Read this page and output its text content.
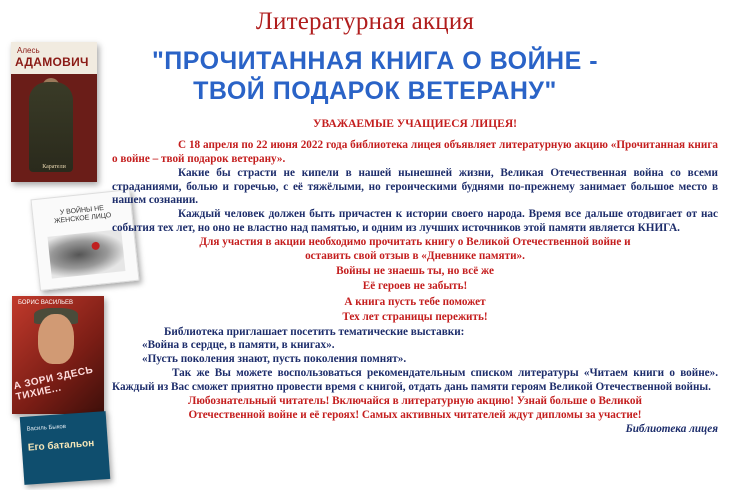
Литературная акция
"ПРОЧИТАННАЯ КНИГА О ВОЙНЕ -
ТВОЙ ПОДАРОК ВЕТЕРАНУ"
УВАЖАЕМЫЕ УЧАЩИЕСЯ ЛИЦЕЯ!
Алесь
АДАМОВИЧ
Каратели
У ВОЙНЫ НЕ ЖЕНСКОЕ ЛИЦО
БОРИС ВАСИЛЬЕВ
А ЗОРИ ЗДЕСЬ ТИХИЕ...
Василь Быков
Его батальон

С 18 апреля по 22 июня 2022 года библиотека лицея объявляет литературную акцию «Прочитанная книга о войне – твой подарок ветерану».

Какие бы страсти не кипели в нашей нынешней жизни, Великая Отечественная война со всеми страданиями, болью и горечью, с её тяжёлыми, но героическими буднями по-прежнему занимает большое место в нашем сознании.

Каждый человек должен быть причастен к истории своего народа. Время все дальше отодвигает от нас события тех лет, но оно не властно над памятью, и одним из лучших источников этой памяти является КНИГА.

Для участия в акции необходимо прочитать книгу о Великой Отечественной войне и
оставить свой отзыв в «Дневнике памяти».

Войны не знаешь ты, но всё же
Её героев не забыть!
А книга пусть тебе поможет
Тех лет страницы пережить!

Библиотека приглашает посетить тематические выставки:

«Война в сердце, в памяти, в книгах».

«Пусть поколения знают, пусть поколения помнят».

Так же Вы можете воспользоваться рекомендательным списком литературы «Читаем книги о войне». Каждый из Вас сможет приятно провести время с книгой, отдать дань памяти героям Великой Отечественной войны.

Любознательный читатель! Включайся в литературную акцию! Узнай больше о Великой
Отечественной войне и её героях! Самых активных читателей ждут дипломы за участие!

Библиотека лицея
